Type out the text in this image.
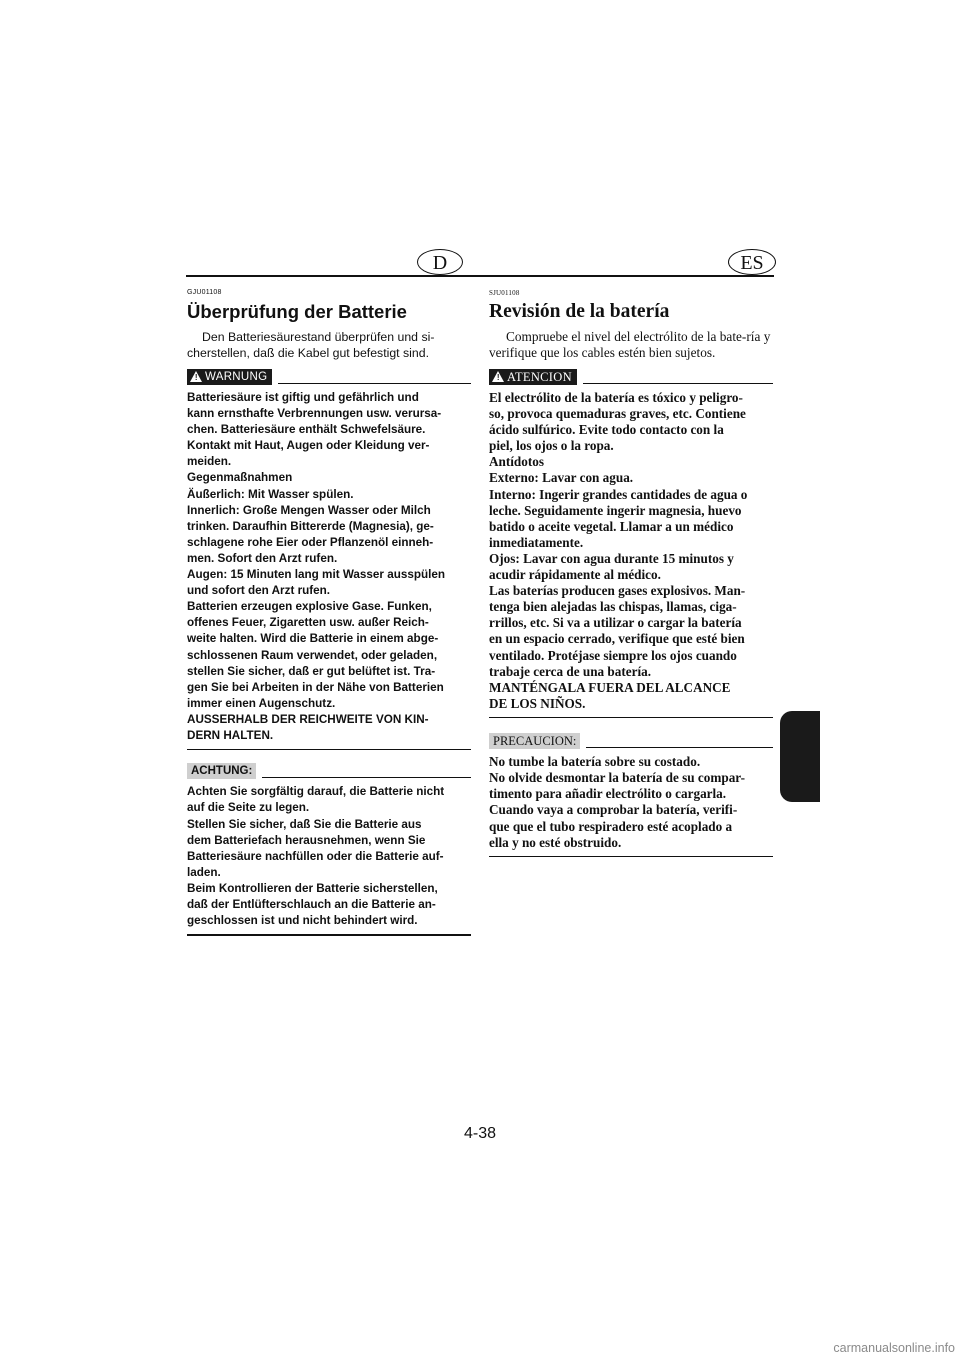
D	ES

GJU01108

Überprüfung der Batterie

Den Batteriesäurestand überprüfen und si-cherstellen, daß die Kabel gut befestigt sind.

! WARNUNG
Batteriesäure ist giftig und gefährlich und
kann ernsthafte Verbrennungen usw. verursa-
chen. Batteriesäure enthält Schwefelsäure.
Kontakt mit Haut, Augen oder Kleidung ver-
meiden.
Gegenmaßnahmen
Äußerlich: Mit Wasser spülen.
Innerlich: Große Mengen Wasser oder Milch
trinken. Daraufhin Bittererde (Magnesia), ge-
schlagene rohe Eier oder Pflanzenöl einneh-
men. Sofort den Arzt rufen.
Augen: 15 Minuten lang mit Wasser ausspülen
und sofort den Arzt rufen.
Batterien erzeugen explosive Gase. Funken,
offenes Feuer, Zigaretten usw. außer Reich-
weite halten. Wird die Batterie in einem abge-
schlossenen Raum verwendet, oder geladen,
stellen Sie sicher, daß er gut belüftet ist. Tra-
gen Sie bei Arbeiten in der Nähe von Batterien
immer einen Augenschutz.
AUSSERHALB DER REICHWEITE VON KIN-
DERN HALTEN.
ACHTUNG:
Achten Sie sorgfältig darauf, die Batterie nicht
auf die Seite zu legen.
Stellen Sie sicher, daß Sie die Batterie aus
dem Batteriefach herausnehmen, wenn Sie
Batteriesäure nachfüllen oder die Batterie auf-
laden.
Beim Kontrollieren der Batterie sicherstellen,
daß der Entlüfterschlauch an die Batterie an-
geschlossen ist und nicht behindert wird.

SJU01108

Revisión de la batería

Compruebe el nivel del electrólito de la bate-ría y verifique que los cables estén bien sujetos.

! ATENCION
El electrólito de la batería es tóxico y peligro-
so, provoca quemaduras graves, etc. Contiene
ácido sulfúrico. Evite todo contacto con la
piel, los ojos o la ropa.
Antídotos
Externo: Lavar con agua.
Interno: Ingerir grandes cantidades de agua o
leche. Seguidamente ingerir magnesia, huevo
batido o aceite vegetal. Llamar a un médico
inmediatamente.
Ojos: Lavar con agua durante 15 minutos y
acudir rápidamente al médico.
Las baterías producen gases explosivos. Man-
tenga bien alejadas las chispas, llamas, ciga-
rrillos, etc. Si va a utilizar o cargar la batería
en un espacio cerrado, verifique que esté bien
ventilado. Protéjase siempre los ojos cuando
trabaje cerca de una batería.
MANTÉNGALA FUERA DEL ALCANCE
DE LOS NIÑOS.
PRECAUCION:
No tumbe la batería sobre su costado.
No olvide desmontar la batería de su compar-
timento para añadir electrólito o cargarla.
Cuando vaya a comprobar la batería, verifi-
que que el tubo respiradero esté acoplado a
ella y no esté obstruido.
4-38
carmanualsonline.info
